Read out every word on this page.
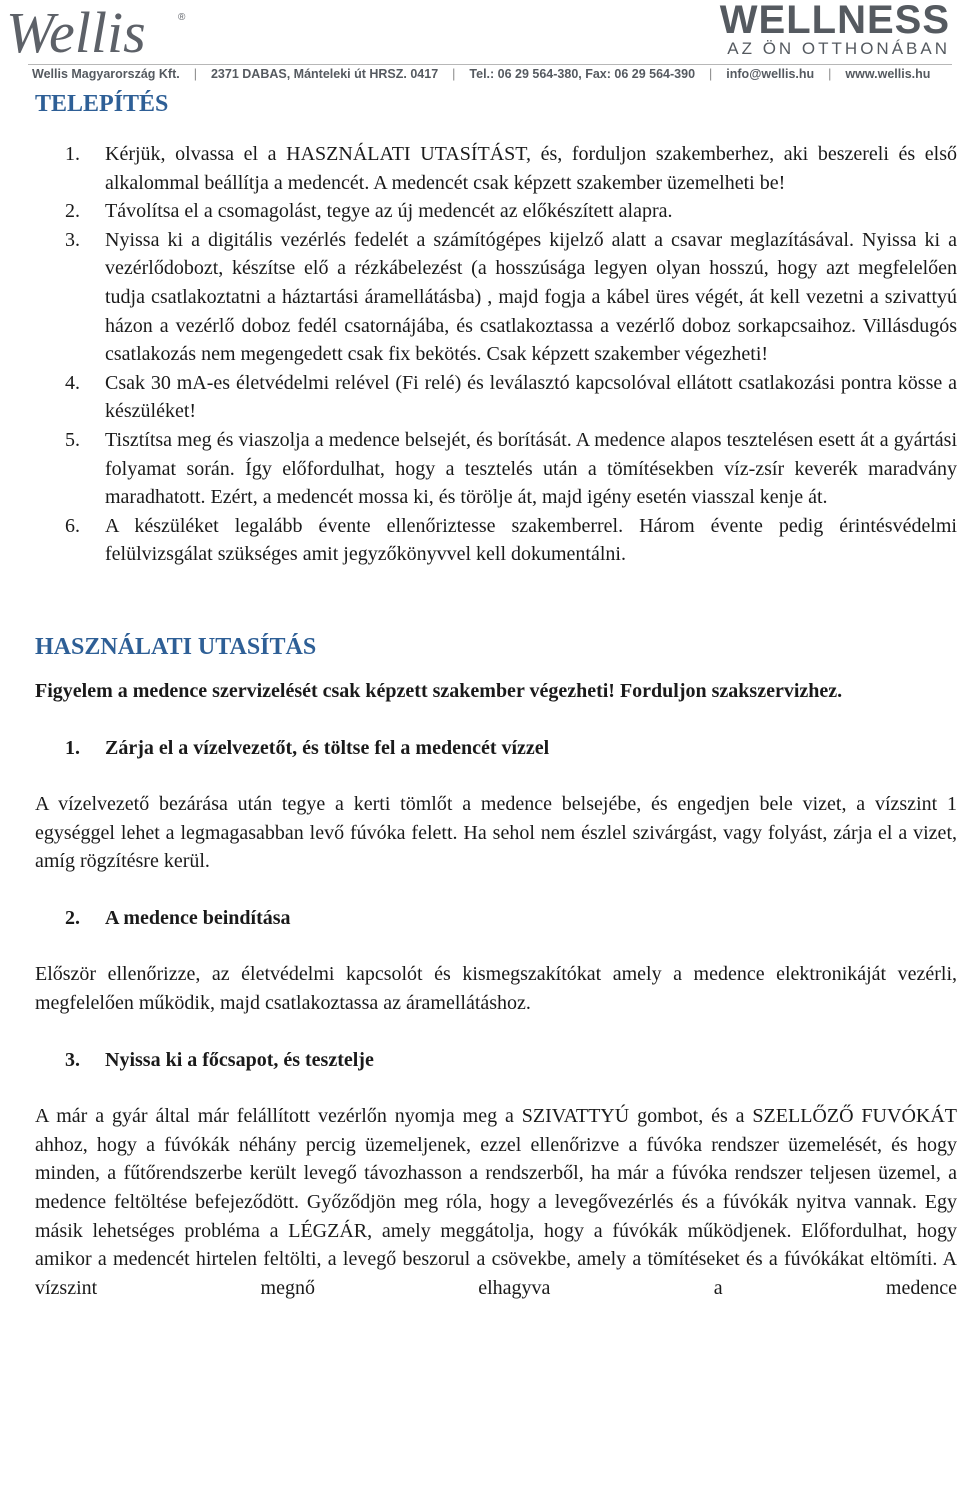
Wellis	®	WELLNESS
AZ ÖN OTTHONÁBAN
Wellis Magyarország Kft. | 2371 DABAS, Mánteleki út HRSZ. 0417 | Tel.: 06 29 564-380, Fax: 06 29 564-390 | info@wellis.hu | www.wellis.hu
TELEPÍTÉS
1. Kérjük, olvassa el a HASZNÁLATI UTASÍTÁST, és, forduljon szakemberhez, aki beszereli és első alkalommal beállítja a medencét. A medencét csak képzett szakember üzemelheti be!
2. Távolítsa el a csomagolást, tegye az új medencét az előkészített alapra.
3. Nyissa ki a digitális vezérlés fedelét a számítógépes kijelző alatt a csavar meglazításával. Nyissa ki a vezérlődobozt, készítse elő a rézkábelezést (a hosszúsága legyen olyan hosszú, hogy azt megfelelően tudja csatlakoztatni a háztartási áramellátásba) , majd fogja a kábel üres végét, át kell vezetni a szivattyú házon a vezérlő doboz fedél csatornájába, és csatlakoztassa a vezérlő doboz sorkapcsaihoz. Villásdugós csatlakozás nem megengedett csak fix bekötés. Csak képzett szakember végezheti!
4. Csak 30 mA-es életvédelmi relével (Fi relé) és leválasztó kapcsolóval ellátott csatlakozási pontra kösse a készüléket!
5. Tisztítsa meg és viaszolja a medence belsejét, és borítását. A medence alapos tesztelésen esett át a gyártási folyamat során. Így előfordulhat, hogy a tesztelés után a tömítésekben víz-zsír keverék maradvány maradhatott. Ezért, a medencét mossa ki, és törölje át, majd igény esetén viasszal kenje át.
6. A készüléket legalább évente ellenőriztesse szakemberrel. Három évente pedig érintésvédelmi felülvizsgálat szükséges amit jegyzőkönyvvel kell dokumentálni.
HASZNÁLATI UTASÍTÁS

Figyelem a medence szervizelését csak képzett szakember végezheti! Forduljon szakszervizhez.

1. Zárja el a vízelvezetőt, és töltse fel a medencét vízzel

A vízelvezető bezárása után tegye a kerti tömlőt a medence belsejébe, és engedjen bele vizet, a vízszint 1 egységgel lehet a legmagasabban levő fúvóka felett. Ha sehol nem észlel szivárgást, vagy folyást, zárja el a vizet, amíg rögzítésre kerül.

2. A medence beindítása

Először ellenőrizze, az életvédelmi kapcsolót és kismegszakítókat amely a medence elektronikáját vezérli, megfelelően működik, majd csatlakoztassa az áramellátáshoz.

3. Nyissa ki a főcsapot, és tesztelje

A már a gyár által már felállított vezérlőn nyomja meg a SZIVATTYÚ gombot, és a SZELLŐZŐ FUVÓKÁT ahhoz, hogy a fúvókák néhány percig üzemeljenek, ezzel ellenőrizve a fúvóka rendszer üzemelését, és hogy minden, a fűtőrendszerbe került levegő távozhasson a rendszerből, ha már a fúvóka rendszer teljesen üzemel, a medence feltöltése befejeződött. Győződjön meg róla, hogy a levegővezérlés és a fúvókák nyitva vannak. Egy másik lehetséges probléma a LÉGZÁR, amely meggátolja, hogy a fúvókák működjenek. Előfordulhat, hogy amikor a medencét hirtelen feltölti, a levegő beszorul a csövekbe, amely a tömítéseket és a fúvókákat eltömíti. A vízszint megnő elhagyva a medence
